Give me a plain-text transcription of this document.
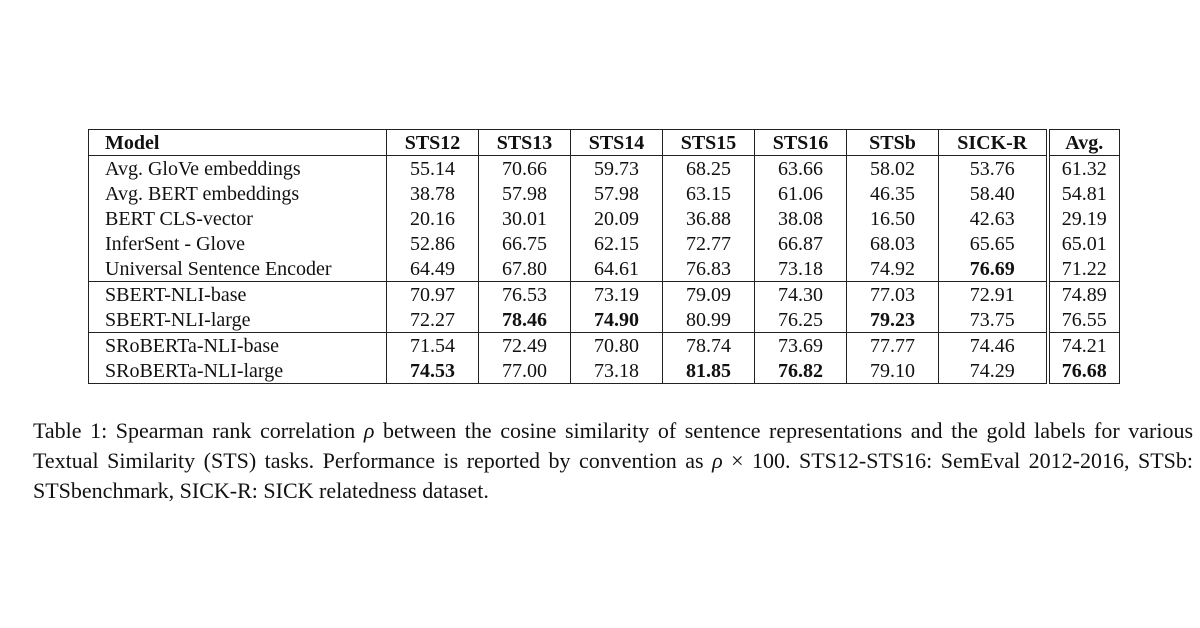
Model	STS12	STS13	STS14	STS15	STS16	STSb	SICK-R	Avg.
Avg. GloVe embeddings	55.14	70.66	59.73	68.25	63.66	58.02	53.76	61.32
Avg. BERT embeddings	38.78	57.98	57.98	63.15	61.06	46.35	58.40	54.81
BERT CLS-vector	20.16	30.01	20.09	36.88	38.08	16.50	42.63	29.19
InferSent - Glove	52.86	66.75	62.15	72.77	66.87	68.03	65.65	65.01
Universal Sentence Encoder	64.49	67.80	64.61	76.83	73.18	74.92	76.69	71.22
SBERT-NLI-base	70.97	76.53	73.19	79.09	74.30	77.03	72.91	74.89
SBERT-NLI-large	72.27	78.46	74.90	80.99	76.25	79.23	73.75	76.55
SRoBERTa-NLI-base	71.54	72.49	70.80	78.74	73.69	77.77	74.46	74.21
SRoBERTa-NLI-large	74.53	77.00	73.18	81.85	76.82	79.10	74.29	76.68

Table 1: Spearman rank correlation ρ between the cosine similarity of sentence representations and the gold labels for various Textual Similarity (STS) tasks. Performance is reported by convention as ρ × 100. STS12-STS16: SemEval 2012-2016, STSb: STSbenchmark, SICK-R: SICK relatedness dataset.
